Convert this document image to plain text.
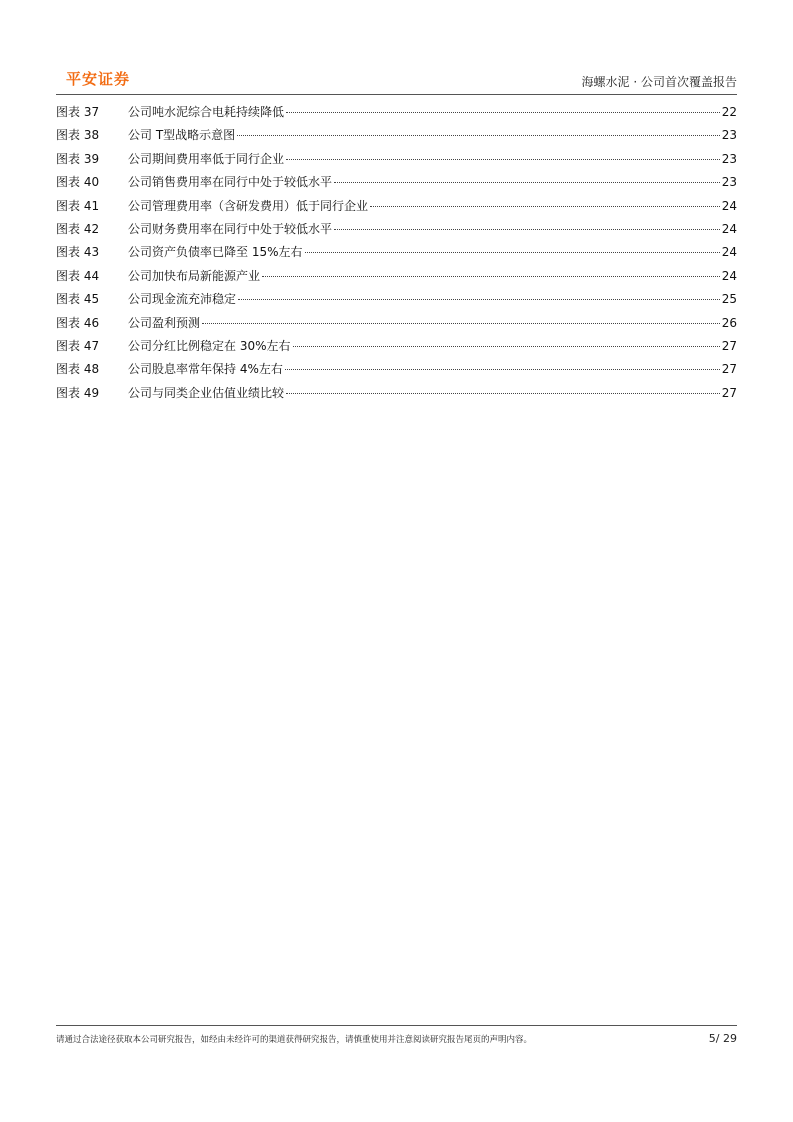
平安证券	海螺水泥 · 公司首次覆盖报告
图表 37	公司吨水泥综合电耗持续降低	22
图表 38	公司 T型战略示意图	23
图表 39	公司期间费用率低于同行企业	23
图表 40	公司销售费用率在同行中处于较低水平	23
图表 41	公司管理费用率（含研发费用）低于同行企业	24
图表 42	公司财务费用率在同行中处于较低水平	24
图表 43	公司资产负债率已降至 15%左右	24
图表 44	公司加快布局新能源产业	24
图表 45	公司现金流充沛稳定	25
图表 46	公司盈利预测	26
图表 47	公司分红比例稳定在 30%左右	27
图表 48	公司股息率常年保持 4%左右	27
图表 49	公司与同类企业估值业绩比较	27
请通过合法途径获取本公司研究报告，如经由未经许可的渠道获得研究报告，请慎重使用并注意阅读研究报告尾页的声明内容。	5/ 29
